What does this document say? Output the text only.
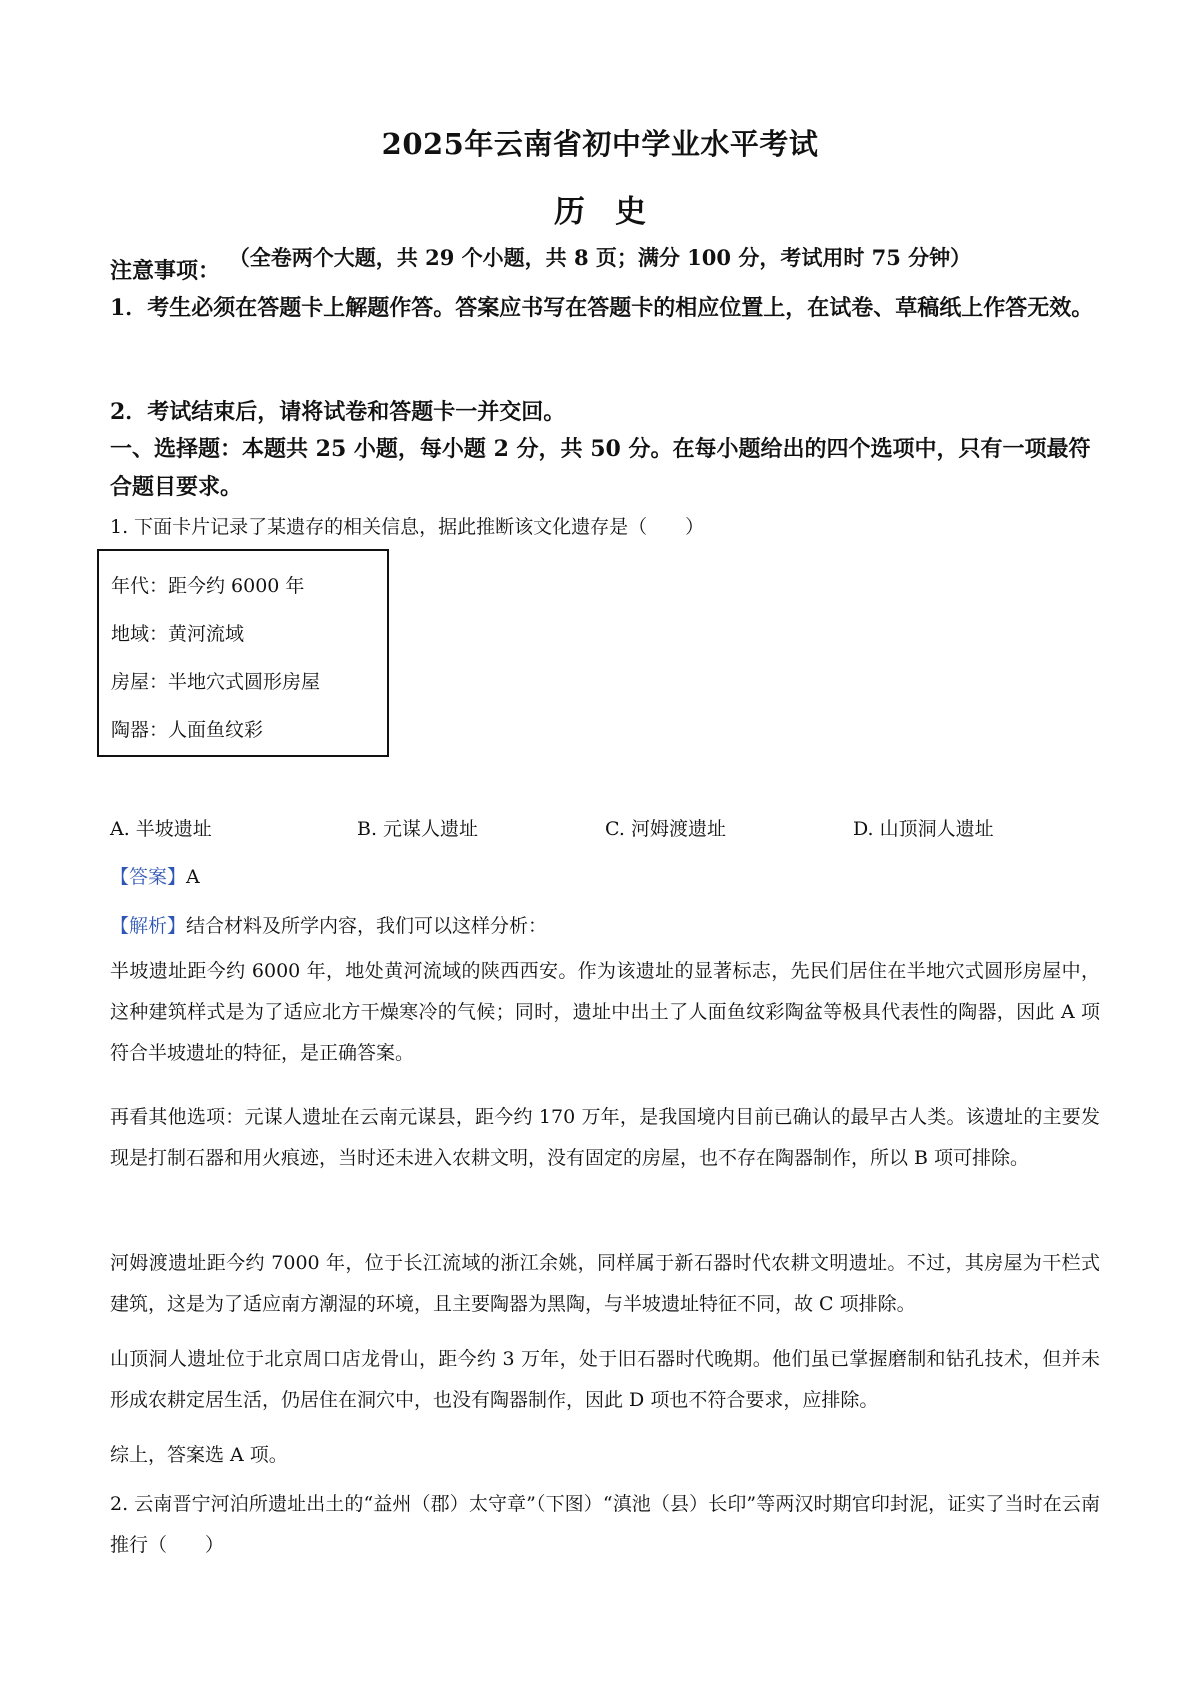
2025年云南省初中学业水平考试
历史
（全卷两个大题，共 29 个小题，共 8 页；满分 100 分，考试用时 75 分钟）
注意事项：
1．考生必须在答题卡上解题作答。答案应书写在答题卡的相应位置上，在试卷、草稿纸上作答无效。
2．考试结束后，请将试卷和答题卡一并交回。
一、选择题：本题共 25 小题，每小题 2 分，共 50 分。在每小题给出的四个选项中，只有一项最符合题目要求。
1. 下面卡片记录了某遗存的相关信息，据此推断该文化遗存是（　　）
年代：距今约 6000 年
地域：黄河流域
房屋：半地穴式圆形房屋
陶器：人面鱼纹彩
A. 半坡遗址	B. 元谋人遗址	C. 河姆渡遗址	D. 山顶洞人遗址
【答案】A
【解析】结合材料及所学内容，我们可以这样分析：
半坡遗址距今约 6000 年，地处黄河流域的陕西西安。作为该遗址的显著标志，先民们居住在半地穴式圆形房屋中，这种建筑样式是为了适应北方干燥寒冷的气候；同时，遗址中出土了人面鱼纹彩陶盆等极具代表性的陶器，因此 A 项符合半坡遗址的特征，是正确答案。
再看其他选项：元谋人遗址在云南元谋县，距今约 170 万年，是我国境内目前已确认的最早古人类。该遗址的主要发现是打制石器和用火痕迹，当时还未进入农耕文明，没有固定的房屋，也不存在陶器制作，所以 B 项可排除。
河姆渡遗址距今约 7000 年，位于长江流域的浙江余姚，同样属于新石器时代农耕文明遗址。不过，其房屋为干栏式建筑，这是为了适应南方潮湿的环境，且主要陶器为黑陶，与半坡遗址特征不同，故 C 项排除。
山顶洞人遗址位于北京周口店龙骨山，距今约 3 万年，处于旧石器时代晚期。他们虽已掌握磨制和钻孔技术，但并未形成农耕定居生活，仍居住在洞穴中，也没有陶器制作，因此 D 项也不符合要求，应排除。
综上，答案选 A 项。
2. 云南晋宁河泊所遗址出土的“益州（郡）太守章”（下图）“滇池（县）长印”等两汉时期官印封泥，证实了当时在云南推行（　　）
